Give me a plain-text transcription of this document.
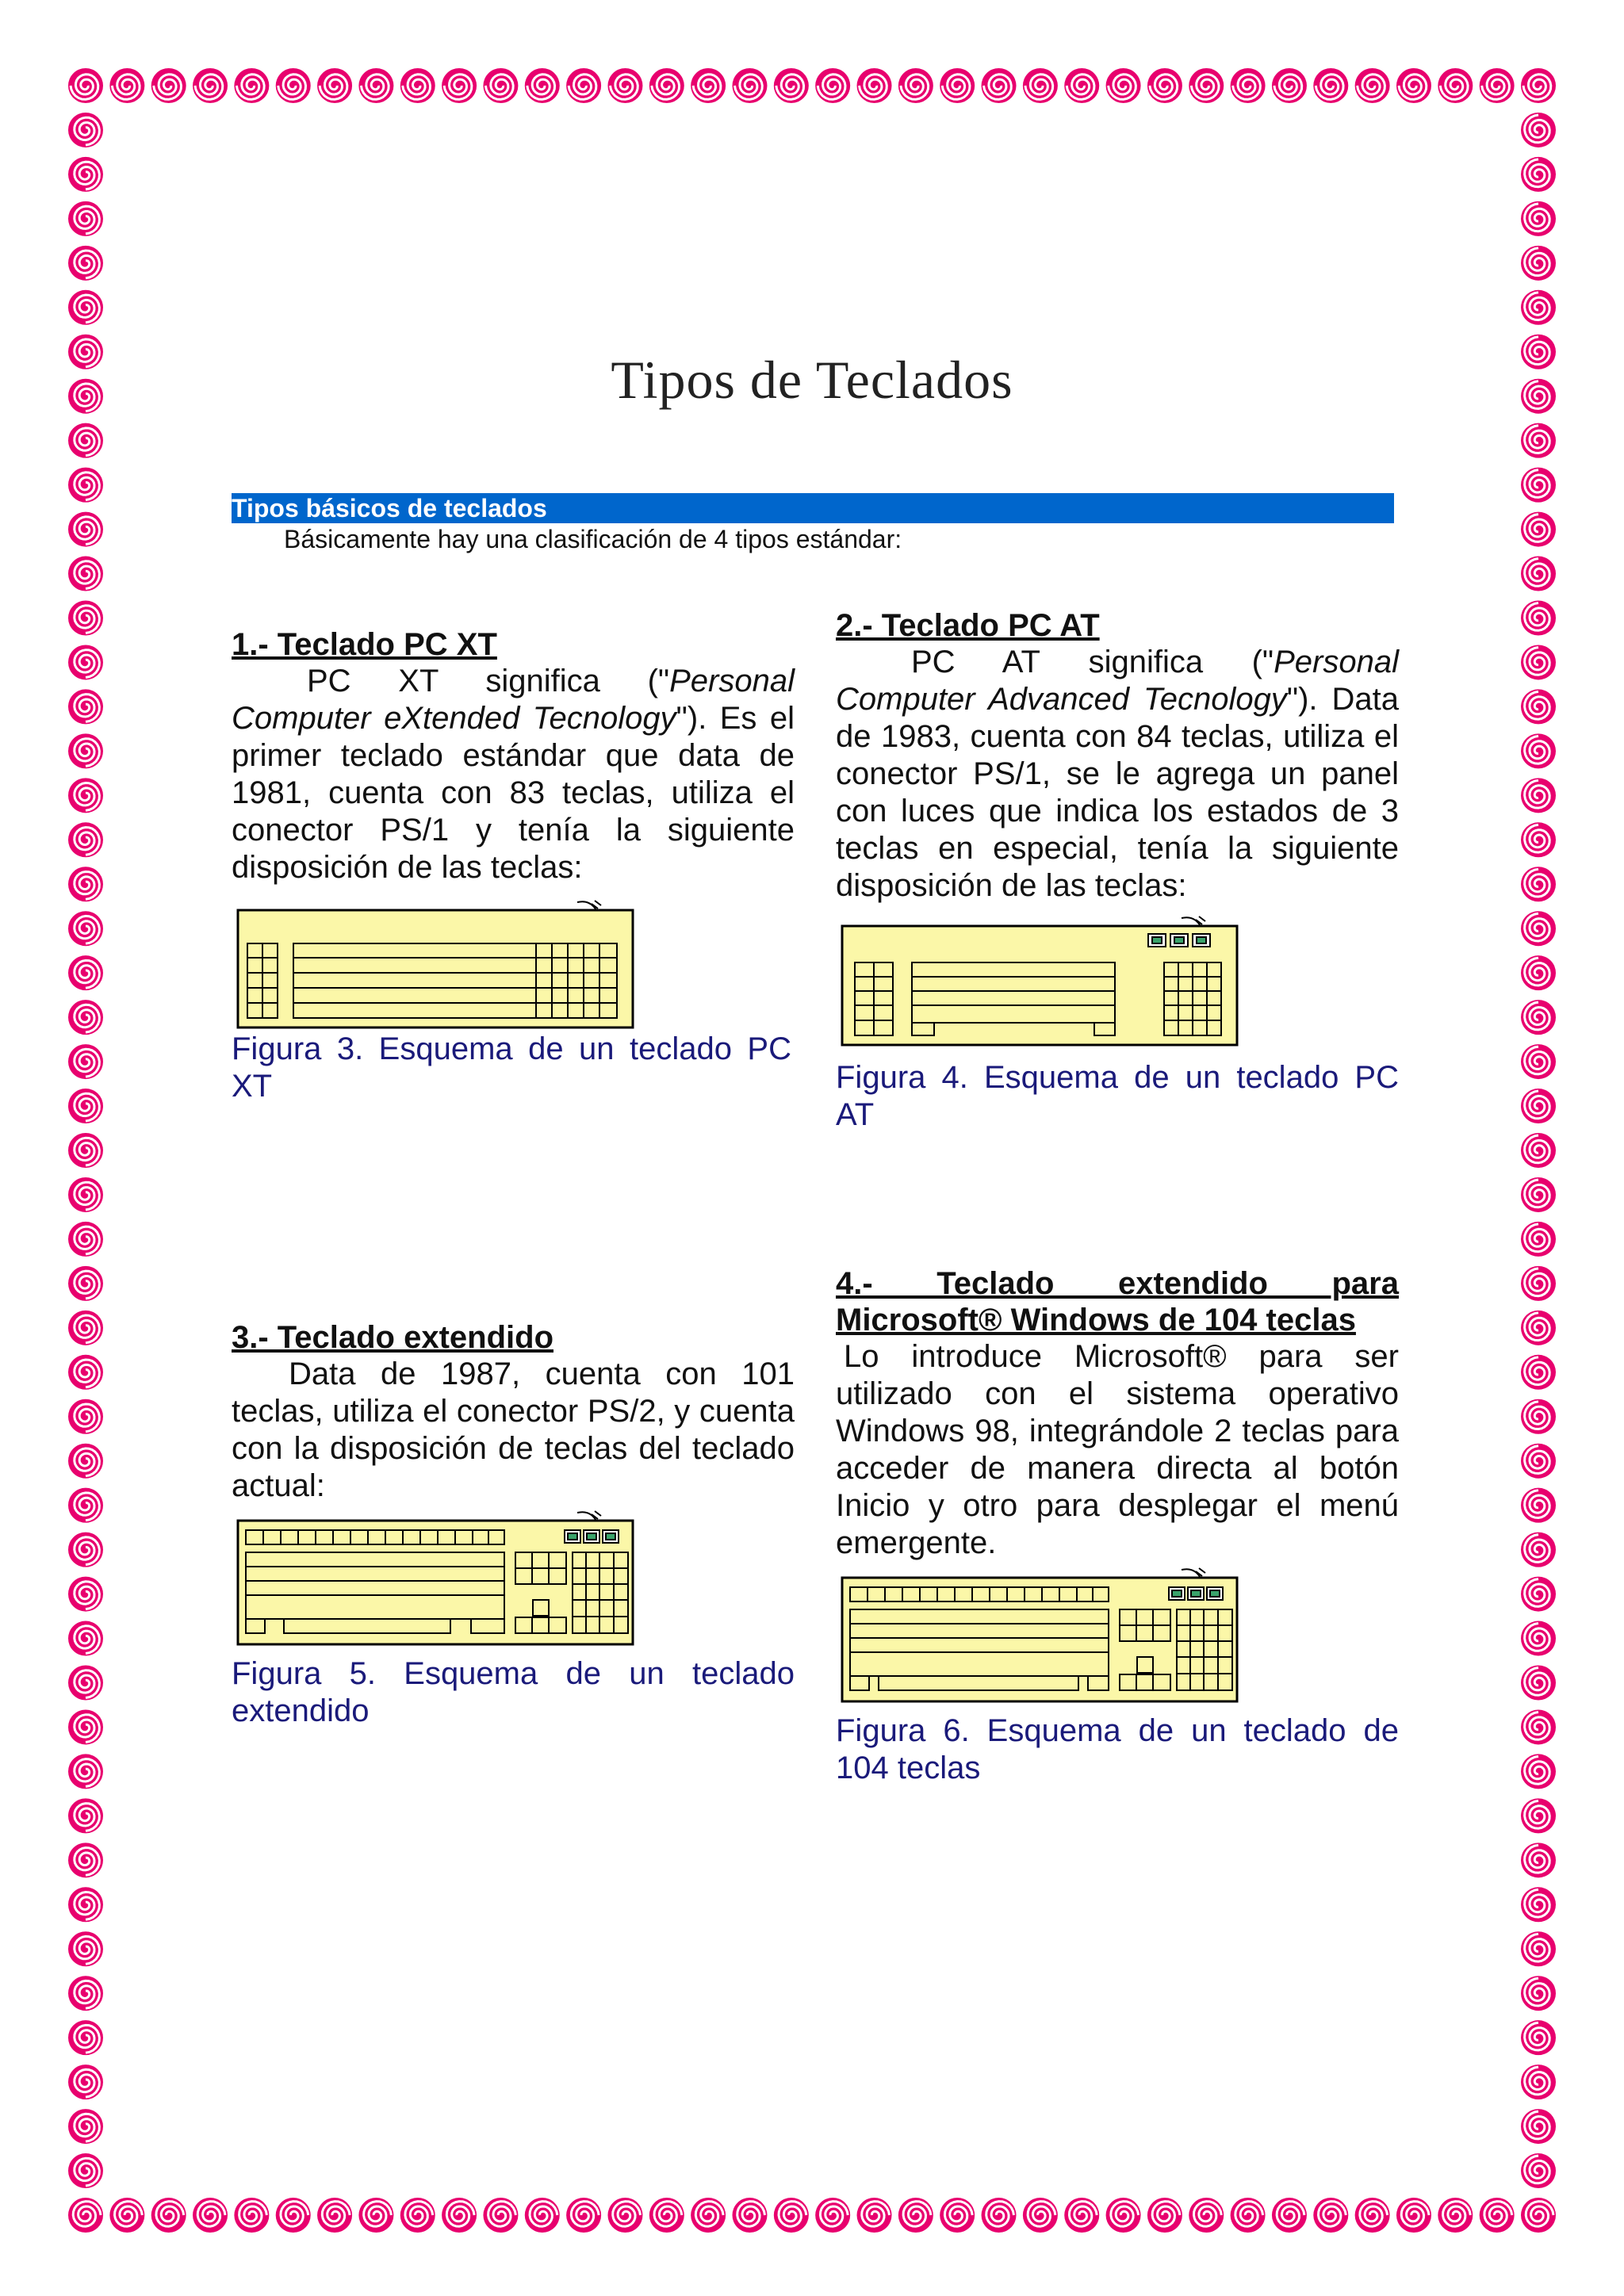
Tipos de Teclados
Tipos básicos de teclados
Básicamente hay una clasificación de 4 tipos estándar:
1.- Teclado PC XT
PC XT significa ("Personal Computer eXtended Tecnology"). Es el primer teclado estándar que data de 1981, cuenta con 83 teclas, utiliza el conector PS/1 y tenía la siguiente disposición de las teclas:
Figura 3. Esquema de un teclado PC XT
2.- Teclado PC AT
PC AT significa ("Personal Computer Advanced Tecnology"). Data de 1983, cuenta con 84 teclas, utiliza el conector PS/1, se le agrega un panel con luces que indica los estados de 3 teclas en especial, tenía la siguiente disposición de las teclas:
Figura 4. Esquema de un teclado PC AT
3.- Teclado extendido
Data de 1987, cuenta con 101 teclas, utiliza el conector PS/2, y cuenta con la disposición de teclas del teclado actual:
Figura 5. Esquema de un teclado extendido
4.- Teclado extendido para
Microsoft® Windows de 104 teclas
Lo introduce Microsoft® para ser utilizado con el sistema operativo Windows 98, integrándole 2 teclas para acceder de manera directa al botón Inicio y otro para desplegar el menú emergente.
Figura 6. Esquema de un teclado de 104 teclas
